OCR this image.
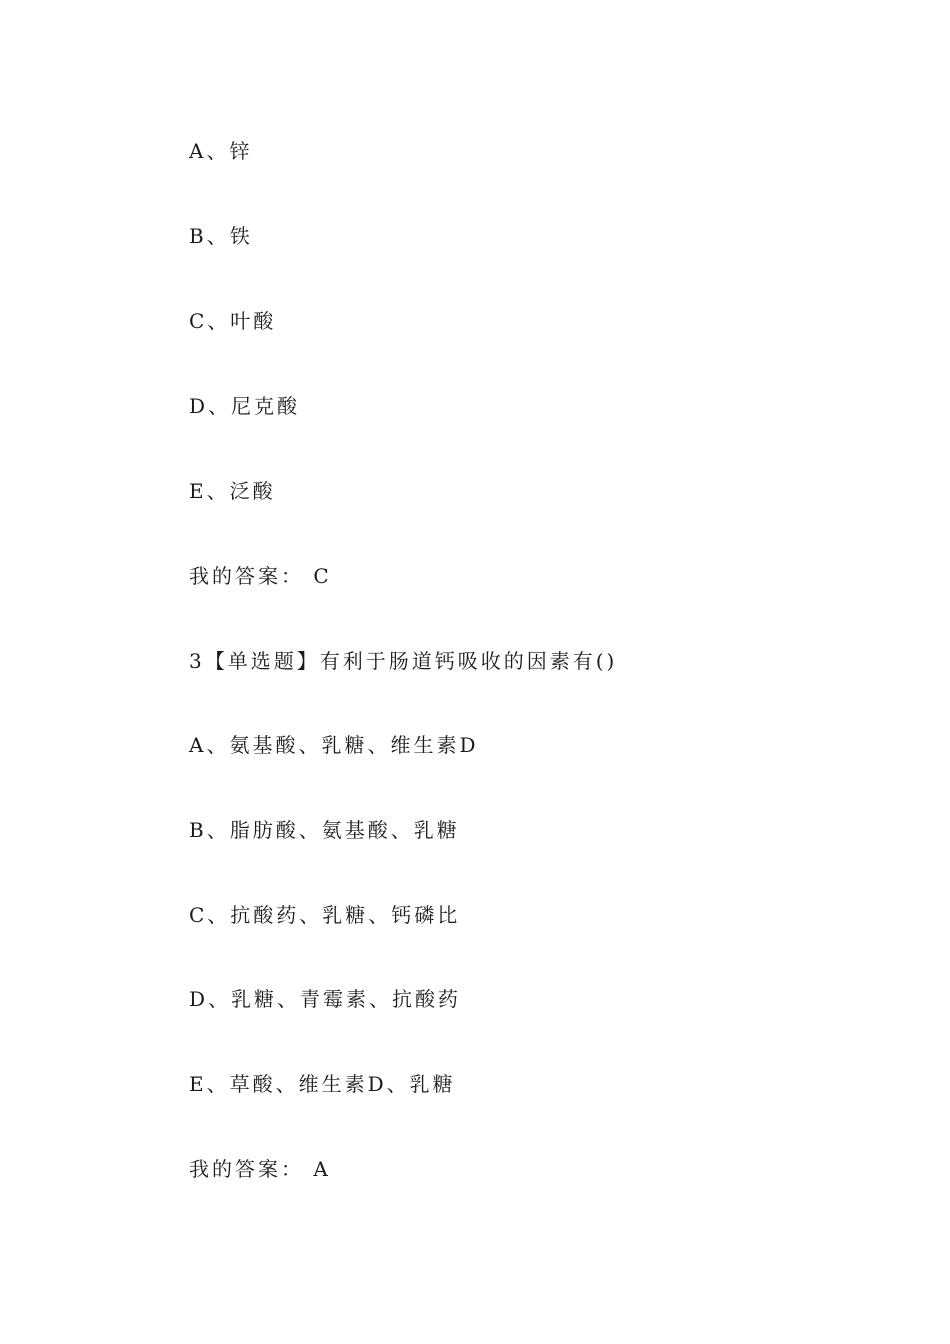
A、锌
B、铁
C、叶酸
D、尼克酸
E、泛酸
我的答案： C
3【单选题】有利于肠道钙吸收的因素有()
A、氨基酸、乳糖、维生素D
B、脂肪酸、氨基酸、乳糖
C、抗酸药、乳糖、钙磷比
D、乳糖、青霉素、抗酸药
E、草酸、维生素D、乳糖
我的答案： A
